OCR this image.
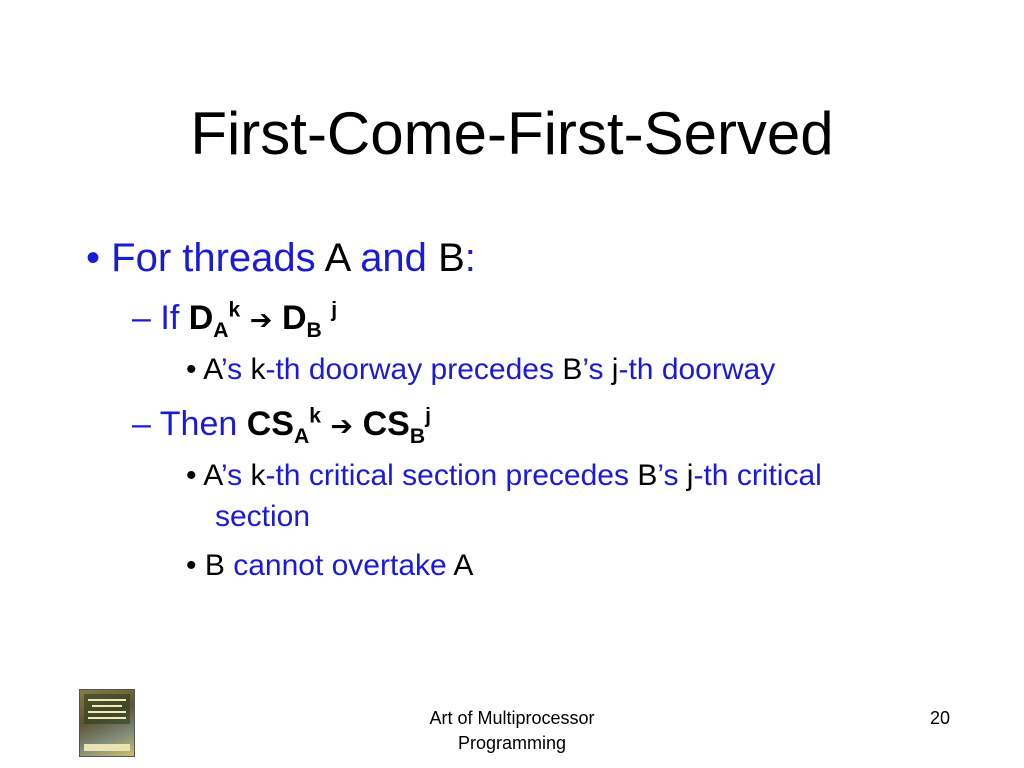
First-Come-First-Served
• For threads A and B:
– If $D_A^k$ ➔ $D_B$ $^j$
• A’s k-th doorway precedes B’s j-th doorway
– Then $CS_A^k$ ➔ $CS_B^j$
• A’s k-th critical section precedes B’s j-th critical
section
• B cannot overtake A
Art of Multiprocessor
Programming
20
